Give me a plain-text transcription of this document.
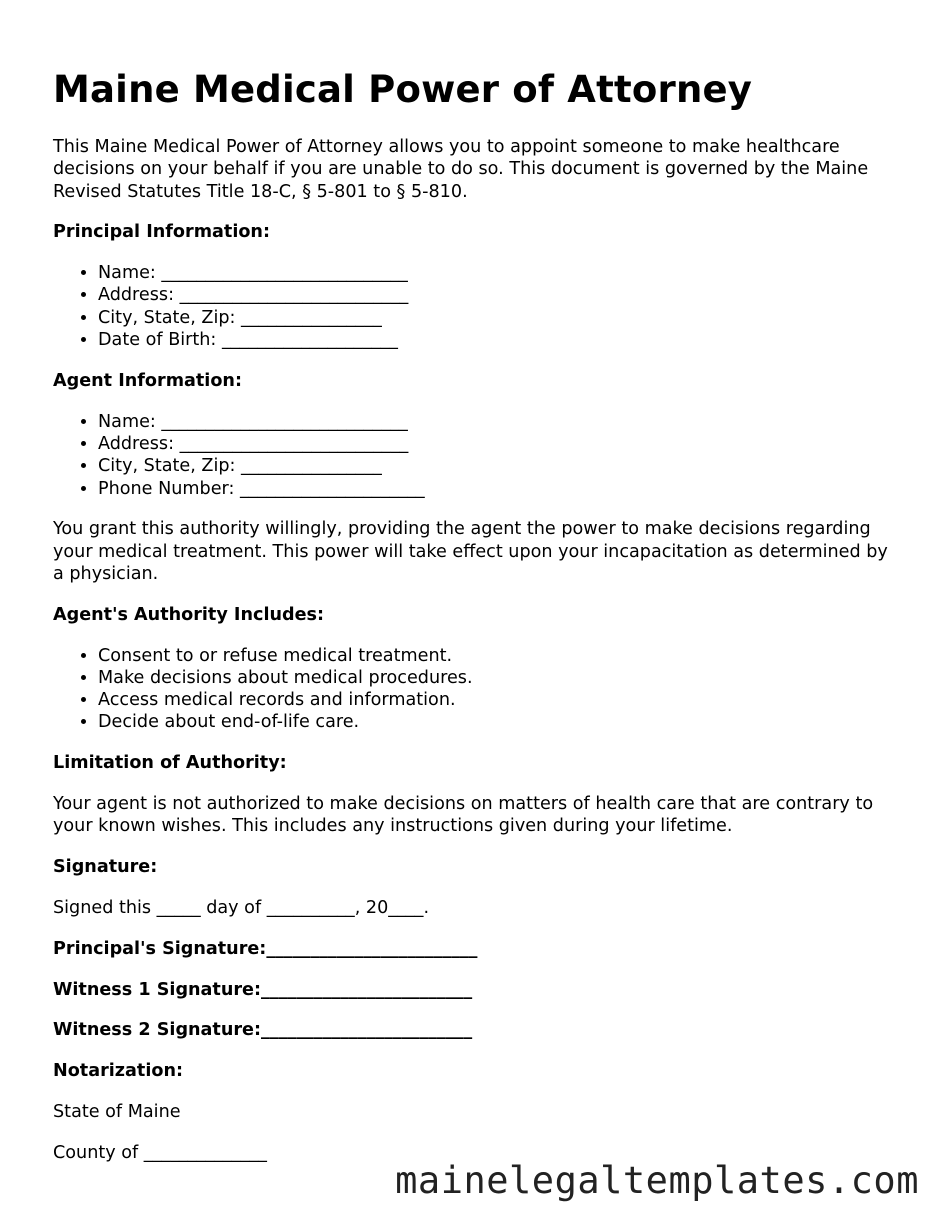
Maine Medical Power of Attorney

This Maine Medical Power of Attorney allows you to appoint someone to make healthcare decisions on your behalf if you are unable to do so. This document is governed by the Maine Revised Statutes Title 18-C, § 5-801 to § 5-810.

Principal Information:

• Name: ____________________________
• Address: __________________________
• City, State, Zip: ________________
• Date of Birth: ____________________

Agent Information:

• Name: ____________________________
• Address: __________________________
• City, State, Zip: ________________
• Phone Number: _____________________

You grant this authority willingly, providing the agent the power to make decisions regarding your medical treatment. This power will take effect upon your incapacitation as determined by a physician.

Agent's Authority Includes:

• Consent to or refuse medical treatment.
• Make decisions about medical procedures.
• Access medical records and information.
• Decide about end-of-life care.

Limitation of Authority:

Your agent is not authorized to make decisions on matters of health care that are contrary to your known wishes. This includes any instructions given during your lifetime.

Signature:

Signed this _____ day of __________, 20____.

Principal's Signature:________________________

Witness 1 Signature:________________________

Witness 2 Signature:________________________

Notarization:

State of Maine

County of ______________

mainelegaltemplates.com
